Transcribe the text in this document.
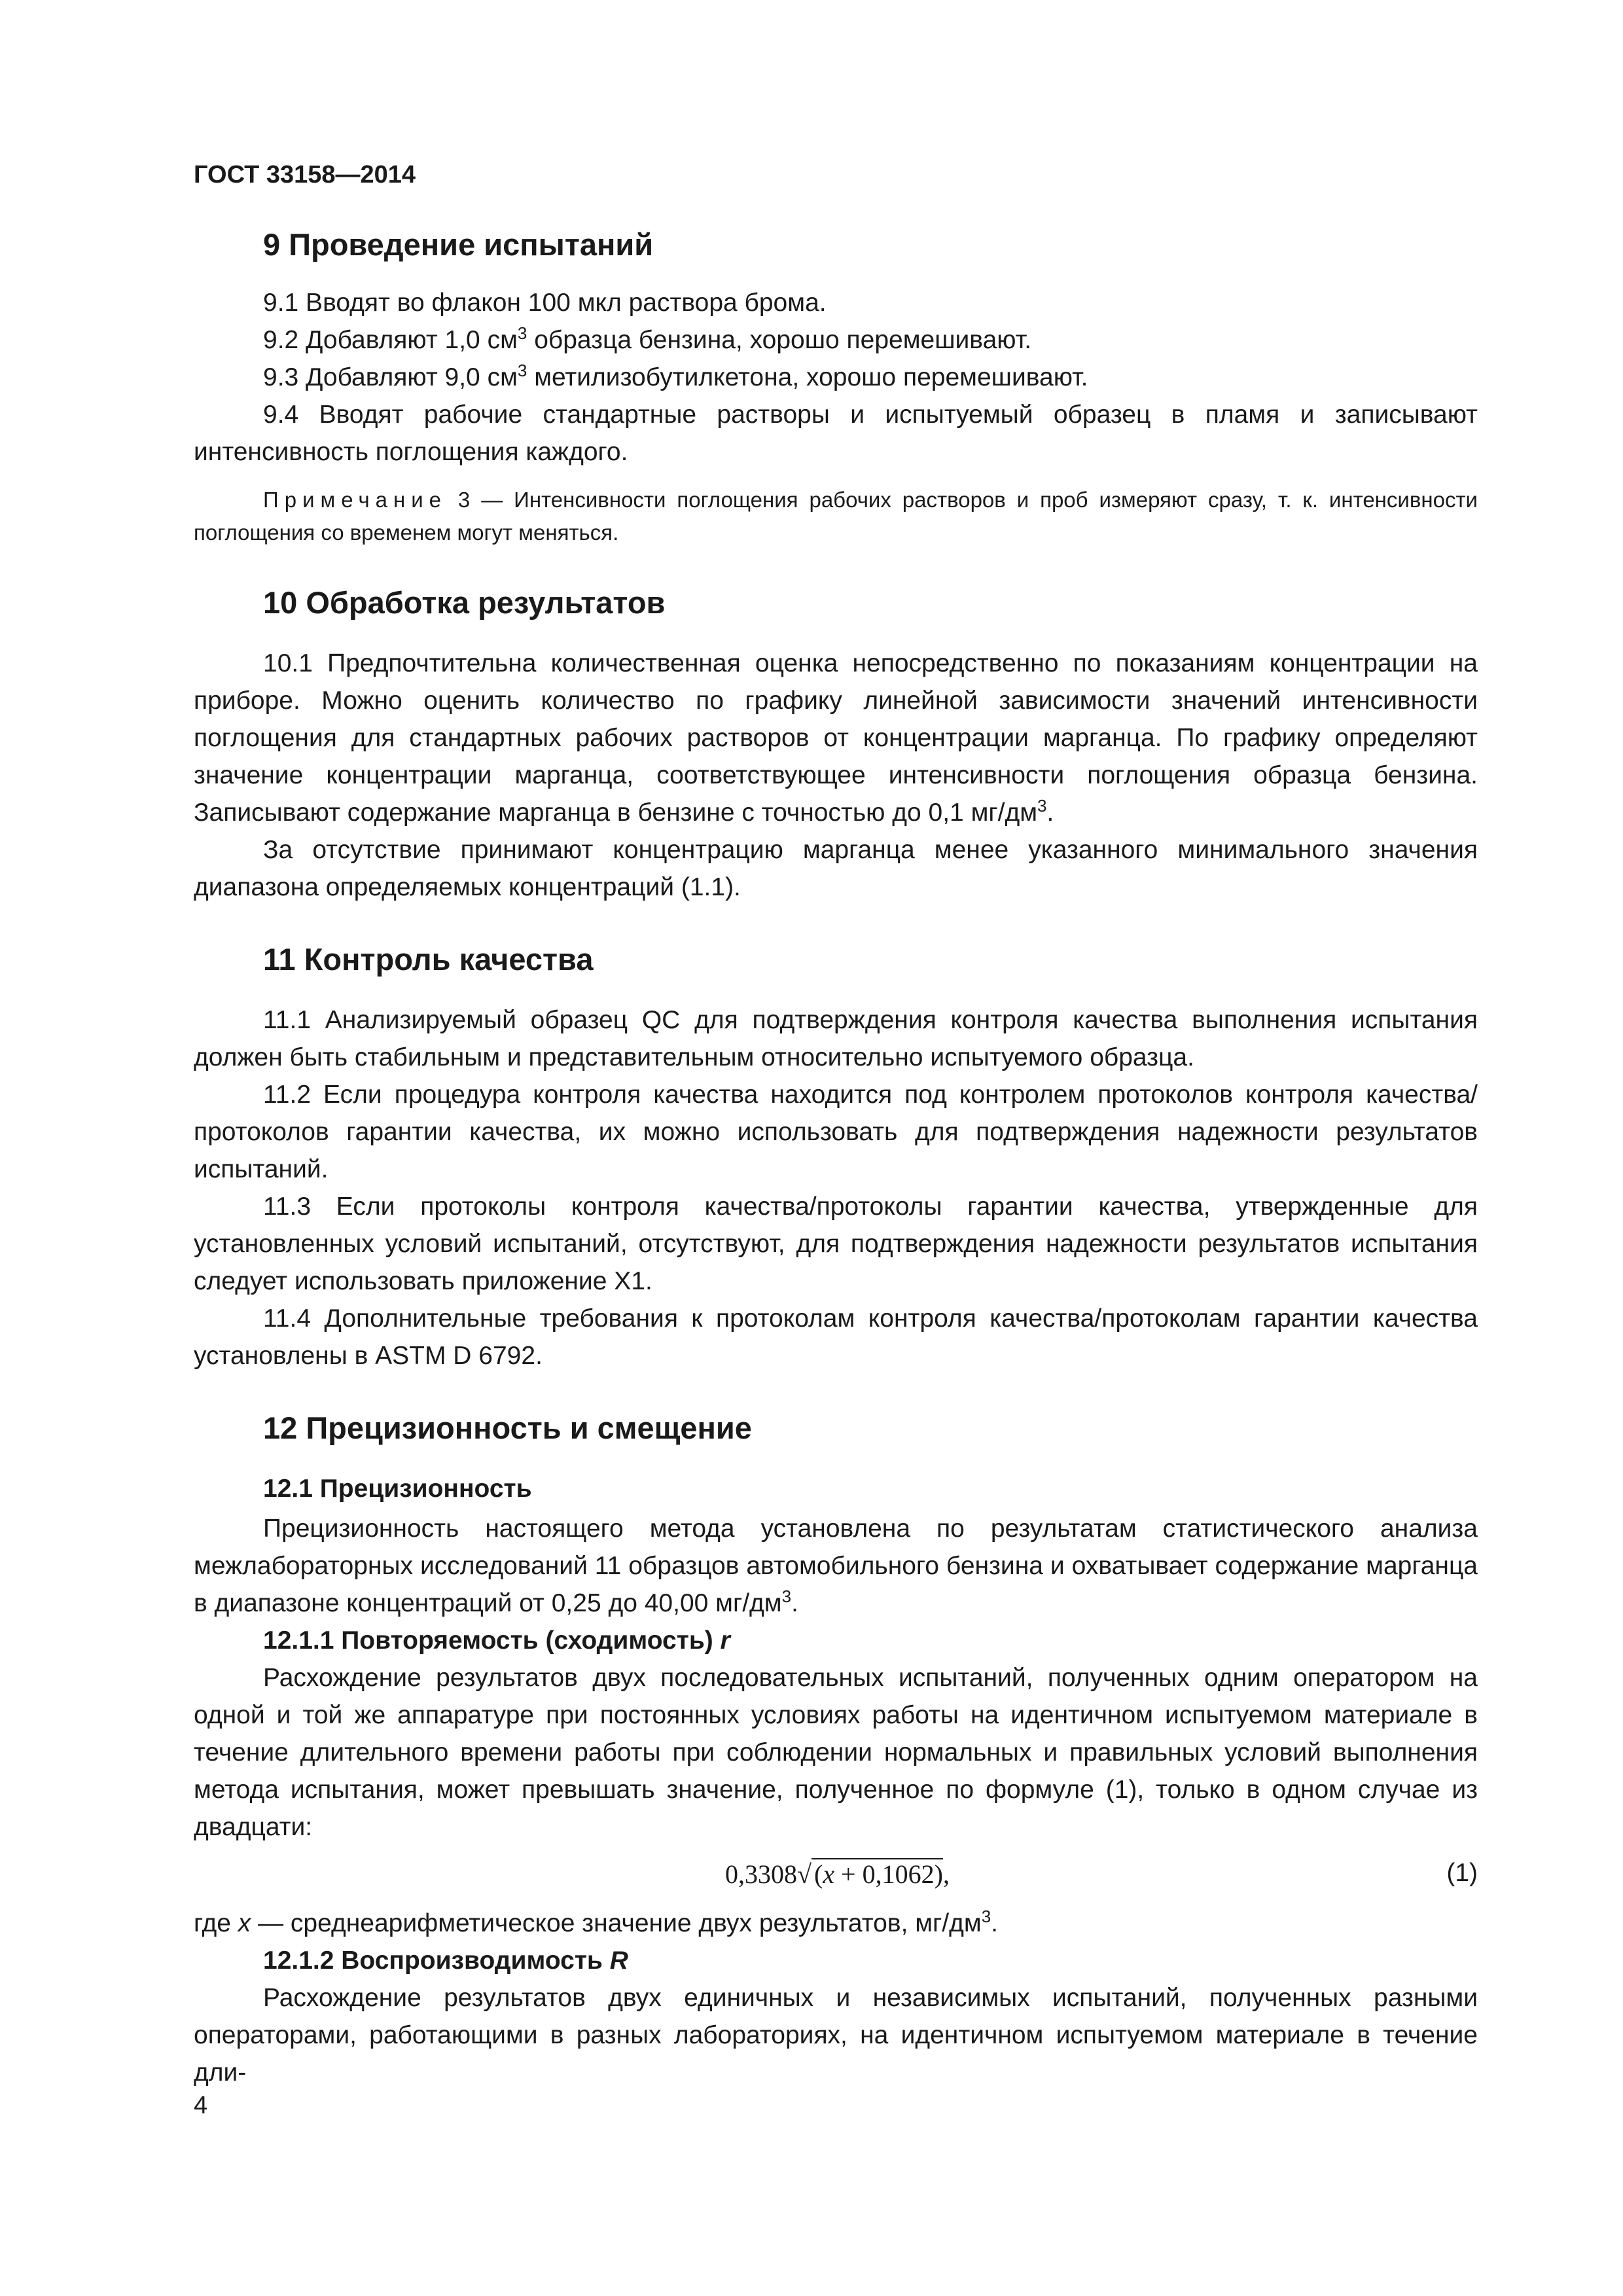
ГОСТ 33158—2014
9 Проведение испытаний

9.1 Вводят во флакон 100 мкл раствора брома.

9.2 Добавляют 1,0 $см^3$ образца бензина, хорошо перемешивают.

9.3 Добавляют 9,0 $см^3$ метилизобутилкетона, хорошо перемешивают.

9.4 Вводят рабочие стандартные растворы и испытуемый образец в пламя и записывают интенсивность поглощения каждого.

Примечание 3 — Интенсивности поглощения рабочих растворов и проб измеряют сразу, т. к. интенсивности поглощения со временем могут меняться.

10 Обработка результатов

10.1 Предпочтительна количественная оценка непосредственно по показаниям концентрации на приборе. Можно оценить количество по графику линейной зависимости значений интенсивности поглощения для стандартных рабочих растворов от концентрации марганца. По графику определяют значение концентрации марганца, соответствующее интенсивности поглощения образца бензина. Записывают содержание марганца в бензине с точностью до 0,1 $мг/дм^3$.

За отсутствие принимают концентрацию марганца менее указанного минимального значения диапазона определяемых концентраций (1.1).

11 Контроль качества

11.1 Анализируемый образец QC для подтверждения контроля качества выполнения испытания должен быть стабильным и представительным относительно испытуемого образца.

11.2 Если процедура контроля качества находится под контролем протоколов контроля качества/протоколов гарантии качества, их можно использовать для подтверждения надежности результатов испытаний.

11.3 Если протоколы контроля качества/протоколы гарантии качества, утвержденные для установленных условий испытаний, отсутствуют, для подтверждения надежности результатов испытания следует использовать приложение X1.

11.4 Дополнительные требования к протоколам контроля качества/протоколам гарантии качества установлены в ASTM D 6792.

12 Прецизионность и смещение
12.1 Прецизионность

Прецизионность настоящего метода установлена по результатам статистического анализа межлабораторных исследований 11 образцов автомобильного бензина и охватывает содержание марганца в диапазоне концентраций от 0,25 до 40,00 $мг/дм^3$.

12.1.1 Повторяемость (сходимость) r

Расхождение результатов двух последовательных испытаний, полученных одним оператором на одной и той же аппаратуре при постоянных условиях работы на идентичном испытуемом материале в течение длительного времени работы при соблюдении нормальных и правильных условий выполнения метода испытания, может превышать значение, полученное по формуле (1), только в одном случае из двадцати:

0,3308√ (x + 0,1062),	(1)

где x — среднеарифметическое значение двух результатов, $мг/дм^3$.

12.1.2 Воспроизводимость R

Расхождение результатов двух единичных и независимых испытаний, полученных разными операторами, работающими в разных лабораториях, на идентичном испытуемом материале в течение дли-

4
